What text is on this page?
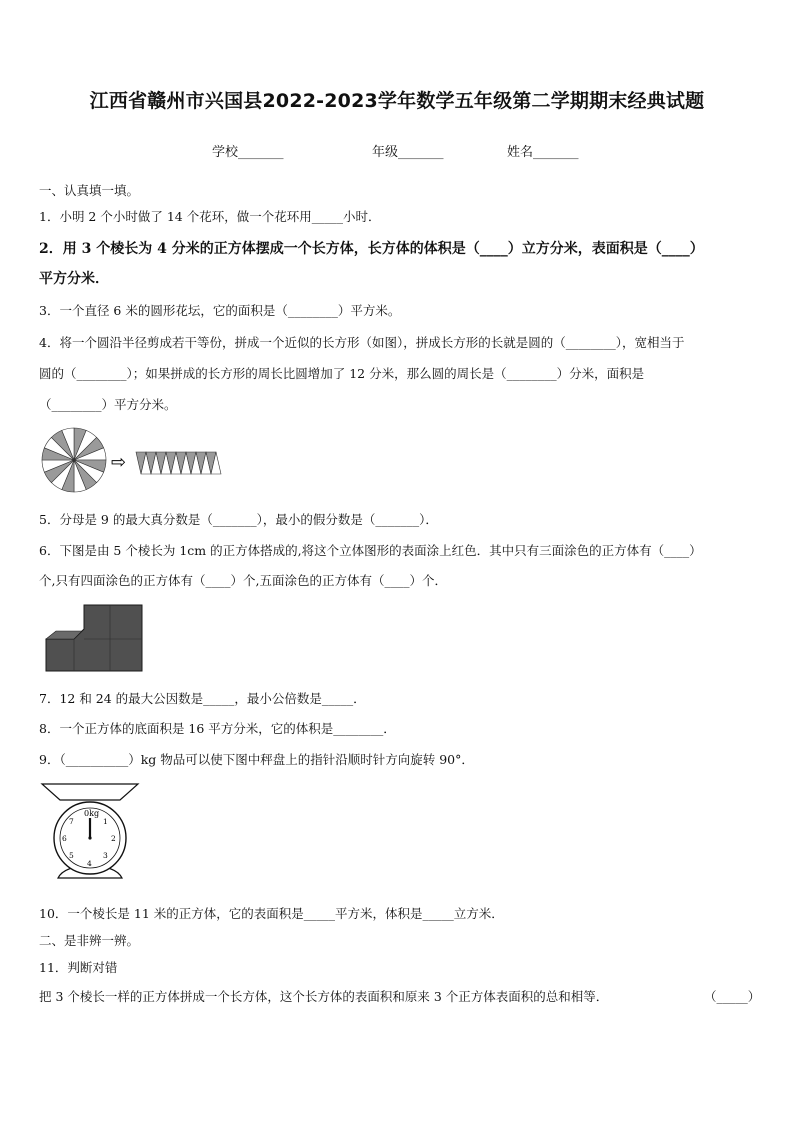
江西省赣州市兴国县2022-2023学年数学五年级第二学期期末经典试题
学校_______	年级_______	姓名_______
一、认真填一填。
1．小明 2 个小时做了 14 个花环，做一个花环用_____小时．
2．用 3 个棱长为 4 分米的正方体摆成一个长方体，长方体的体积是（____）立方分米，表面积是（____）
平方分米．
3．一个直径 6 米的圆形花坛，它的面积是（________）平方米。
4．将一个圆沿半径剪成若干等份，拼成一个近似的长方形（如图），拼成长方形的长就是圆的（________），宽相当于
圆的（________）；如果拼成的长方形的周长比圆增加了 12 分米，那么圆的周长是（________）分米，面积是
（________）平方分米。
⇨
5．分母是 9 的最大真分数是（_______），最小的假分数是（_______）．
6．下图是由 5 个棱长为 1cm 的正方体搭成的,将这个立体图形的表面涂上红色．其中只有三面涂色的正方体有（____）
个,只有四面涂色的正方体有（____）个,五面涂色的正方体有（____）个．
7．12 和 24 的最大公因数是_____，最小公倍数是_____．
8．一个正方体的底面积是 16 平方分米，它的体积是________．
9．（__________）kg 物品可以使下图中秤盘上的指针沿顺时针方向旋转 90°．
0kg
1
2
3
4
5
6
7
10．一个棱长是 11 米的正方体，它的表面积是_____平方米，体积是_____立方米．
二、是非辨一辨。
11．判断对错
把 3 个棱长一样的正方体拼成一个长方体，这个长方体的表面积和原来 3 个正方体表面积的总和相等．	（_____）
